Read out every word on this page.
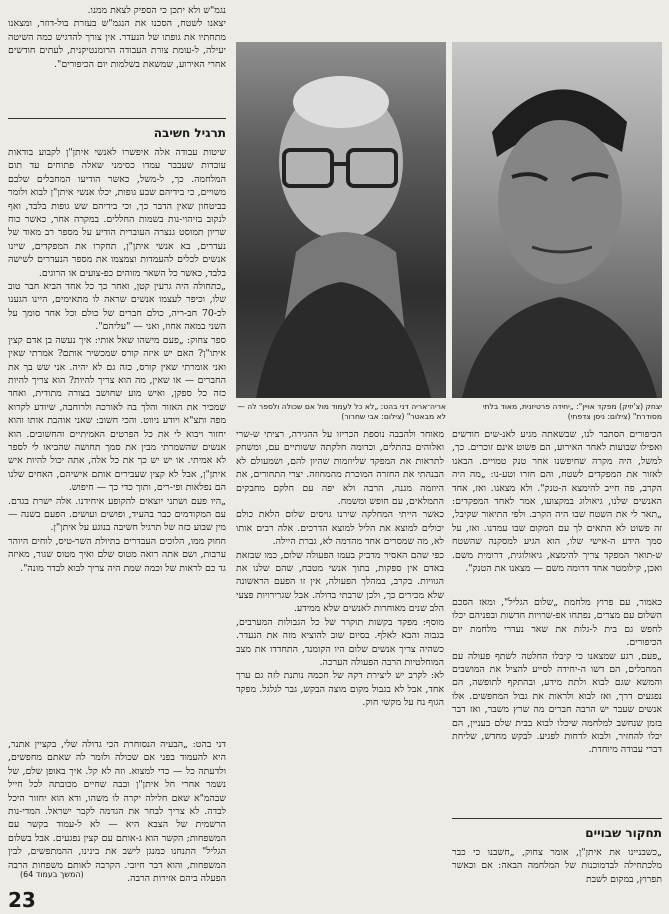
נגמ"ש ולא יתכן כי הספיק לצאת ממנו.

יצאנו לשטח, הסכנו את הנגמ"ש בעזרת בול-דוזר, ומצאנו מתחתיו את גופתו של הנעדר. אין צורך להדגיש כמה השיטה יעילה, ל-עומת צורת העבודה הרומנטיקנית, לעתים חודשים אחרי האירוע, שמשאת בשלמות יום הכיפורים".

תרגיל חשיבה

שיטות עבודה אלה איפשרו לאנשי איתן"ן לקבוע בודאות עובדות שעבבר עמדו כסימני שאלה פתוחים עד תום המלחמה. כך, ל-משל, כאשר הודיעו המחבלים שלבם משויים, כי בידיהם שבע גופות, יכלו אנשי איתן"ן לבוא ולומר בביטחון שאין הדבר כך, וכי בידיהם שש גופות בלבד, ואף לנקוב בזיהוי-נות בשמות החללים. במקרה אחר, כאשר כוח שריון תמוסט גנצרה העוברית הודיע על מספר רב מאוד של נעדרים, בא אנשי איתן"ן, תחקרו את המפקדים, שיינו אנשים לכלים להעמדות וצמצמו את מספר הנעדרים לשישה בלבד, כאשר כל השאר מזוהים כפ-צועים או הרוגים.

„כתחולה היה גרעין קטן, ואחר כך כל אחד הביא חבר טוב שלו, וכיפר לעצמו אנשים שראה לו מתאימים, היינו הגענו לכ-70 חב-ריה, כולם חברים של כולם וכל אחד סומך על השני במאה אחוז, ואני — "עליהם".

ספר צחוק: „פעם מישהו שאל אותי: איך נעשה בן אדם קצין איתו"ן? האם יש איזה קורס שמכשיר אותם? אמרתי שאין ואני אומרתי שאין קורס, כזה גם לא יהיה. אני שש בך את החברים — או שאין, מה הוא צריך להיות? הוא צריך להיות כזה כל ספקן, ואיש מוע שחושב בצורה מתודית, ואחד שמכיר את האזור והלך בה לאורכה ולרוחבה, שיודע לקרוא מפה ותצ"א ויודע ניווט. והכי חשוב: שאני אוהבת אותו והוא יחזור ויבוא לי את כל הפרטים האמיתיים והחשובים. הוא אנשים שהשמרתי מבין את סמך תחושה שהביאו לי לספר לא אמיתי. או יש יש כך את כל אלה, אתה יכול להיות איש איתן"ן, אבל לא קצין שעבירים אותם אישיהם, האחים שלנו הם נפלאות ופי-רים, ותוך כדי כך — חיפוש.

„היו פעם ושתני יוצאים להקופע איחידנו. אלה ישרת בגדם. עם המקודמים כבר בהעיד, ופושים ועושים. הפעם בשנה — מין שבוע כזה של תרגיל חשיבה בנוגע על איתן"ן.

חחוק ממו, הלוכים העבדרים בתיולת השר-טיס, לוחים היוהר ערבות, ושם אתה רואה מטוס שלם ואיך מטוס שגור, מאיזה גד כם לראות של וכמה שמת היה צריך לבוא לבדר מונה".

דני בהט: „הבעיה הנסוחרת הכי גדולה שלי, בקציין אתנר, היא להעמוד בפני אם שכולה ולומר לה שאתם מחפשים, ולדעתה כל — כדי למצוא. וזה לא קל. איך באופן שלם, של נשמר אחרי חל איתן"ן ובבה שחיים מכובתה לכל חייל שבהמ"א שאם חלילה יקרה לו משהו, ודא הוא יחזור היכל לבדה. לא צריך לבחר את הגדמה לקבר ישראל. המדי-נות הרשמית של הצבא היא — לא ל-עמוד בקשר עם המשפחות; הקשר הוא ג-אותם עם קצין נפגעים. אבל בשלום הגליל" התנחנו כמנגן לישב את בינינו, ההמתפשים, לבין המשפחות, והוא דבר חיובי. הקרבה לאותם משפחות הרבה הפעלה ביהם אזירות הרבה.

(המשך בעמוד 64)
23
אריה־אריה דני בהט: „לא כל לעמוד מול אם שכולה ולספר לה — לא מבאטר" (צילום: אבי שחרור)
יצחק (צ'יזיק) מפקד אויין": „יחידה פרטיזנית, מאוד בלתי מסודרת" (צילום: ניסן צדפתי)

מאוחר ולהבבה נוספת הכריזו על ההגירה, רציתי ש-שרי ואלוהים בהתלים, וכדומה חלקתה ששותיים עם, ומשחק לתראות את המפקד שליוזמות שהיון להם, ושמעולם לא הבנהתי את החזרה המוכרת מהמחוזה. יצרי התחורים, את היוזמה מגנה, הרבה ולא יפה עם חלקם מחבקים התמלאים, עם חופש ומשמח.

כאשר הייתי המחלקה שירנו גויסים שלום הלאת כולם יכולים למוצא את הליל למוצא הדרכים. אלה רבים אותו לא, מה שמסרים אחד מהדמה לא, גברת היילה.

כפי שהם האסיר מדביק בעמו הפעולה שלום, כמו שבזאת באדם אין ספקות, בתוך אנשי מטבח, שהם שלנו את הגוויות. בקרב, במהלך הפעולה, אין זו הפעם הראשונה שלא מכירים כך, ולכן שרבתי בדולה. אבל שגרירויות פצעי הלב שנים מאוחרות לאנשים שלא ממידע.

מוסף: מפקד בקשות תוקרר של כל הגבולות המערבים, בגבוה והבא לאלף. בסיום שוב להוציא מזה את הנעדר. כשהיה צריך אנשים שלום היו הקומנד, התחדדו את מצב המוחלטיות הרבה הפעולה הערכה.

לא: לקרב יש ליצירת דקה של חכמה נותנת לזה גם ערך אחד, אבל לא בגבול מקום מוצה הבקש, גבר לגלגל. מפקד הגוף נח על מקשי חוק.

הכיפורים הסתבר לנו, שבשאתה מגיע לאנ-שים חודשים ואפילו שבועות לאחר האירוע, הם פשוט אינם זוכרים. כך, למשל, היה מקרה שחיפשנו אחר טנק טמויים. הבאנו לאזור את המפקדים לשטח, והם חזרו וטע-נו: „מה היה הקרב, פה חייב להימצא ה-טנק". ולא מצאנו. ואז, אחד האנשים שלנו, גיאולוג במקצועו, אמר לאחד המפקדים: „תאר לי את השטח שבו היה הקרב. ולפי התיאור שקיבל, זה פשוט לא התאים לך עם המקום שבו עמדנו. ואז, על סמך הידע ה-אישי שלו, הוא הגיע למסקנה שהשטח ש-תואר המפקד צריך להימצא, גיאולוגית, דרומית משם. ואכן, קילומטר אחד דרומה משם — מצאנו את הטנק".

כאמור, עם פרוץ מלחמת „שלום הגליל", ומאז הסכם השלום עם מצרים, נפתחו אפ-שרויות חדשות ובפניהם יכלו לחפש גם בית ל-גלות את שאר נעדרי מלחמת יום הכיפורים.

„פעם, רגע שמצאנו כי קיבלו החלטה לשתף פעולה עם המחבלים, הם דשו ה-יחידה לסייע להציל את המושבים והמשא שגם לבוא ולתת מידע, ובהתקף לתופשה, הם נפגעים דרך, ואז לבוא ולראות את גבול המחפשים. אלו אנשים שעבר יש הרבה חברים מה שרץ משבר, ואז דבר בזמן שנחשב למלחמה שיכלו לבוא בבית שלם בעניין, הם יכלו להחזיר, ולבוא לדחות לפגיע. לבקש מחדש, שליחת דברי עבודה מיוחדת.

תחקור שבויים

„כשבניינו את איתן"ן, אומר צחוק, „חשבנו כי כבר מלכתחילה לבדמוכנות של המלחמה הבאה: אם וכאשר תפרוץ, במקום לשבת
